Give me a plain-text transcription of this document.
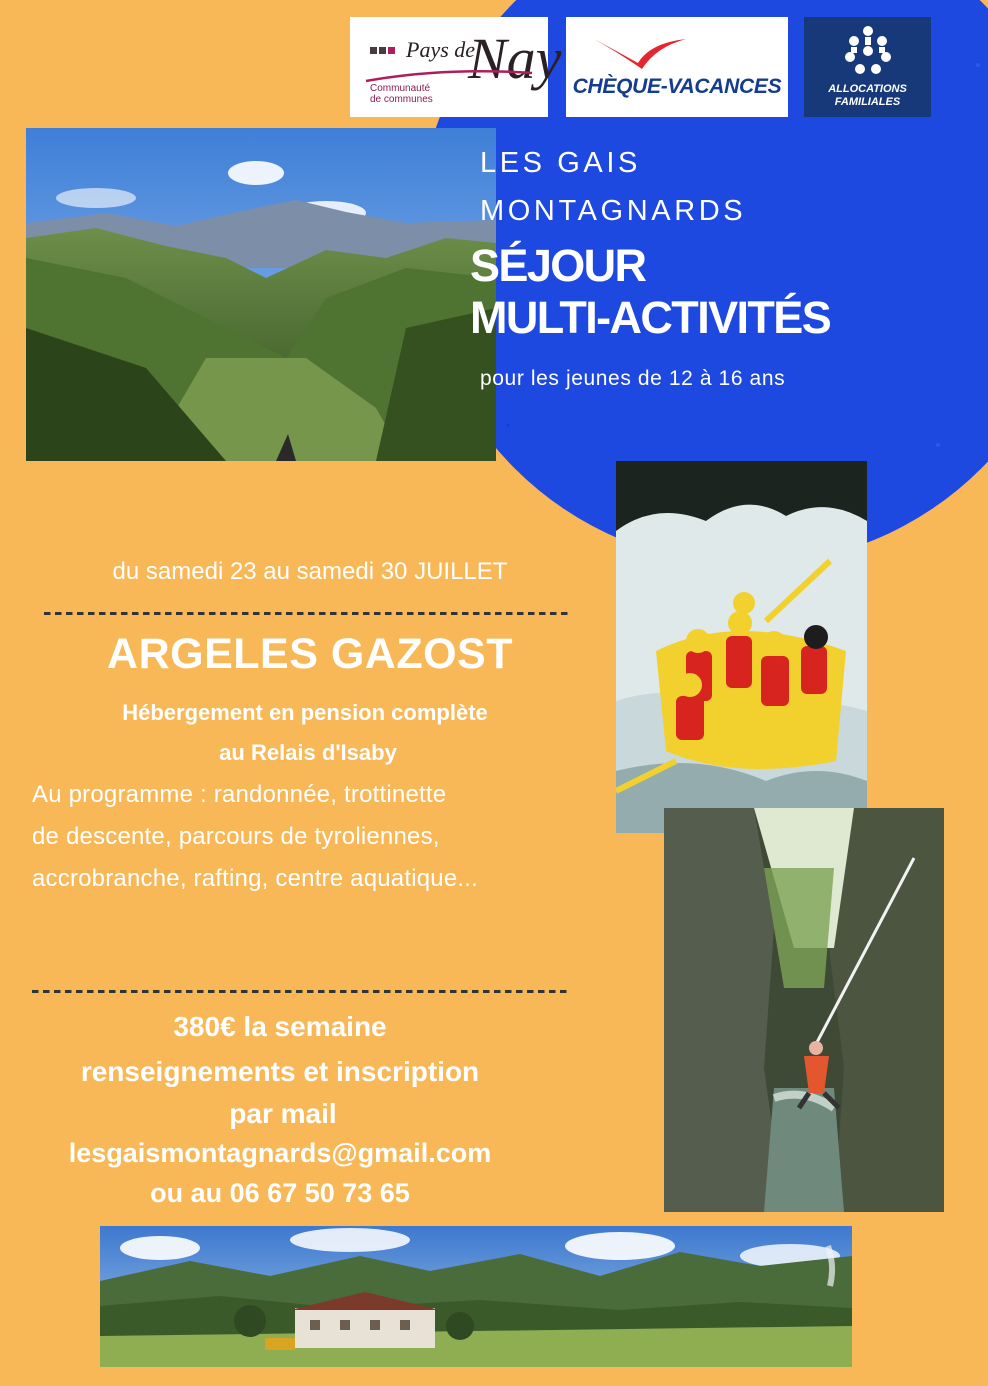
Pays de
Nay
Communauté
de communes
CHÈQUE-VACANCES	ALLOCATIONS
FAMILIALES
LES GAIS
MONTAGNARDS
SÉJOUR
MULTI-ACTIVITÉS
pour les jeunes de 12 à 16 ans
du samedi 23 au samedi 30 JUILLET
ARGELES GAZOST
Hébergement en pension complète
au Relais d'Isaby
Au programme : randonnée, trottinette
de descente, parcours de tyroliennes,
accrobranche, rafting, centre aquatique...
380€ la semaine
renseignements et inscription
par mail
lesgaismontagnards@gmail.com
ou au 06 67 50 73 65
